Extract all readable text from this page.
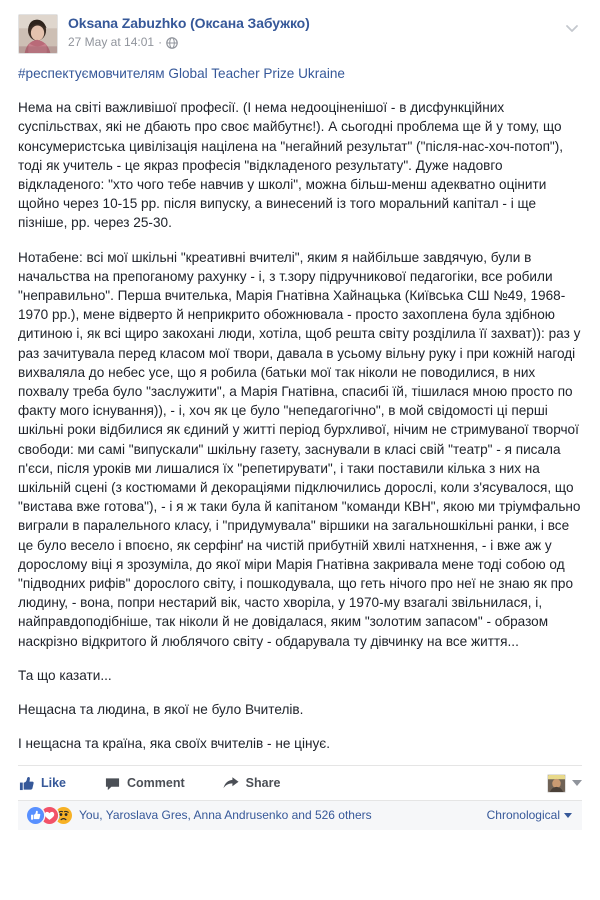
Oksana Zabuzhko (Оксана Забужко)
27 May at 14:01 ·

#респектуємовчителям Global Teacher Prize Ukraine

Нема на світі важливішої професії. (І нема недооціненішої - в дисфункційних суспільствах, які не дбають про своє майбутнє!). А сьогодні проблема ще й у тому, що консумеристська цивілізація націлена на "негайний результат" ("після-нас-хоч-потоп"), тоді як учитель - це якраз професія "відкладеного результату". Дуже надовго відкладеного: "хто чого тебе навчив у школі", можна більш-менш адекватно оцінити щойно через 10-15 рр. після випуску, а винесений із того моральний капітал - і ще пізніше, рр. через 25-30.

Нотабене: всі мої шкільні "креативні вчителі", яким я найбільше завдячую, були в начальства на препоганому рахунку - і, з т.зору підручникової педагогіки, все робили "неправильно". Перша вчителька, Марія Гнатівна Хайнацька (Київська СШ №49, 1968-1970 рр.), мене відверто й неприкрито обожнювала - просто захоплена була здібною дитиною і, як всі щиро закохані люди, хотіла, щоб решта світу розділила її захват)): раз у раз зачитувала перед класом мої твори, давала в усьому вільну руку і при кожній нагоді вихваляла до небес усе, що я робила (батьки мої так ніколи не поводилися, в них похвалу треба було "заслужити", а Марія Гнатівна, спасибі їй, тішилася мною просто по факту мого існування)), - і, хоч як це було "непедагогічно", в мой свідомості ці перші шкільні роки відбилися як єдиний у житті період бурхливої, нічим не стримуваної творчої свободи: ми самі "випускали" шкільну газету, заснували в класі свій "театр" - я писала п'єси, після уроків ми лишалися їх "репетирувати", і таки поставили кілька з них на шкільній сцені (з костюмами й декораціями підключились дорослі, коли з'ясувалося, що "вистава вже готова"), - і я ж таки була й капітаном "команди КВН", якою ми тріумфально виграли в паралельного класу, і "придумувала" віршики на загальношкільні ранки, і все це було весело і впоєно, як серфінґ на чистій прибутній хвилі натхнення, - і вже аж у дорослому віці я зрозуміла, до якої міри Марія Гнатівна закривала мене тоді собою од "підводних рифів" дорослого світу, і пошкодувала, що геть нічого про неї не знаю як про людину, - вона, попри нестарий вік, часто хворіла, у 1970-му взагалі звільнилася, і, найправдоподібніше, так ніколи й не довідалася, яким "золотим запасом" - образом наскрізно відкритого й люблячого світу - обдарувала ту дівчинку на все життя...

Та що казати...

Нещасна та людина, в якої не було Вчителів.

І нещасна та країна, яка своїх вчителів - не цінує.

Like	Comment	Share
You, Yaroslava Gres, Anna Andrusenko and 526 others	Chronological
